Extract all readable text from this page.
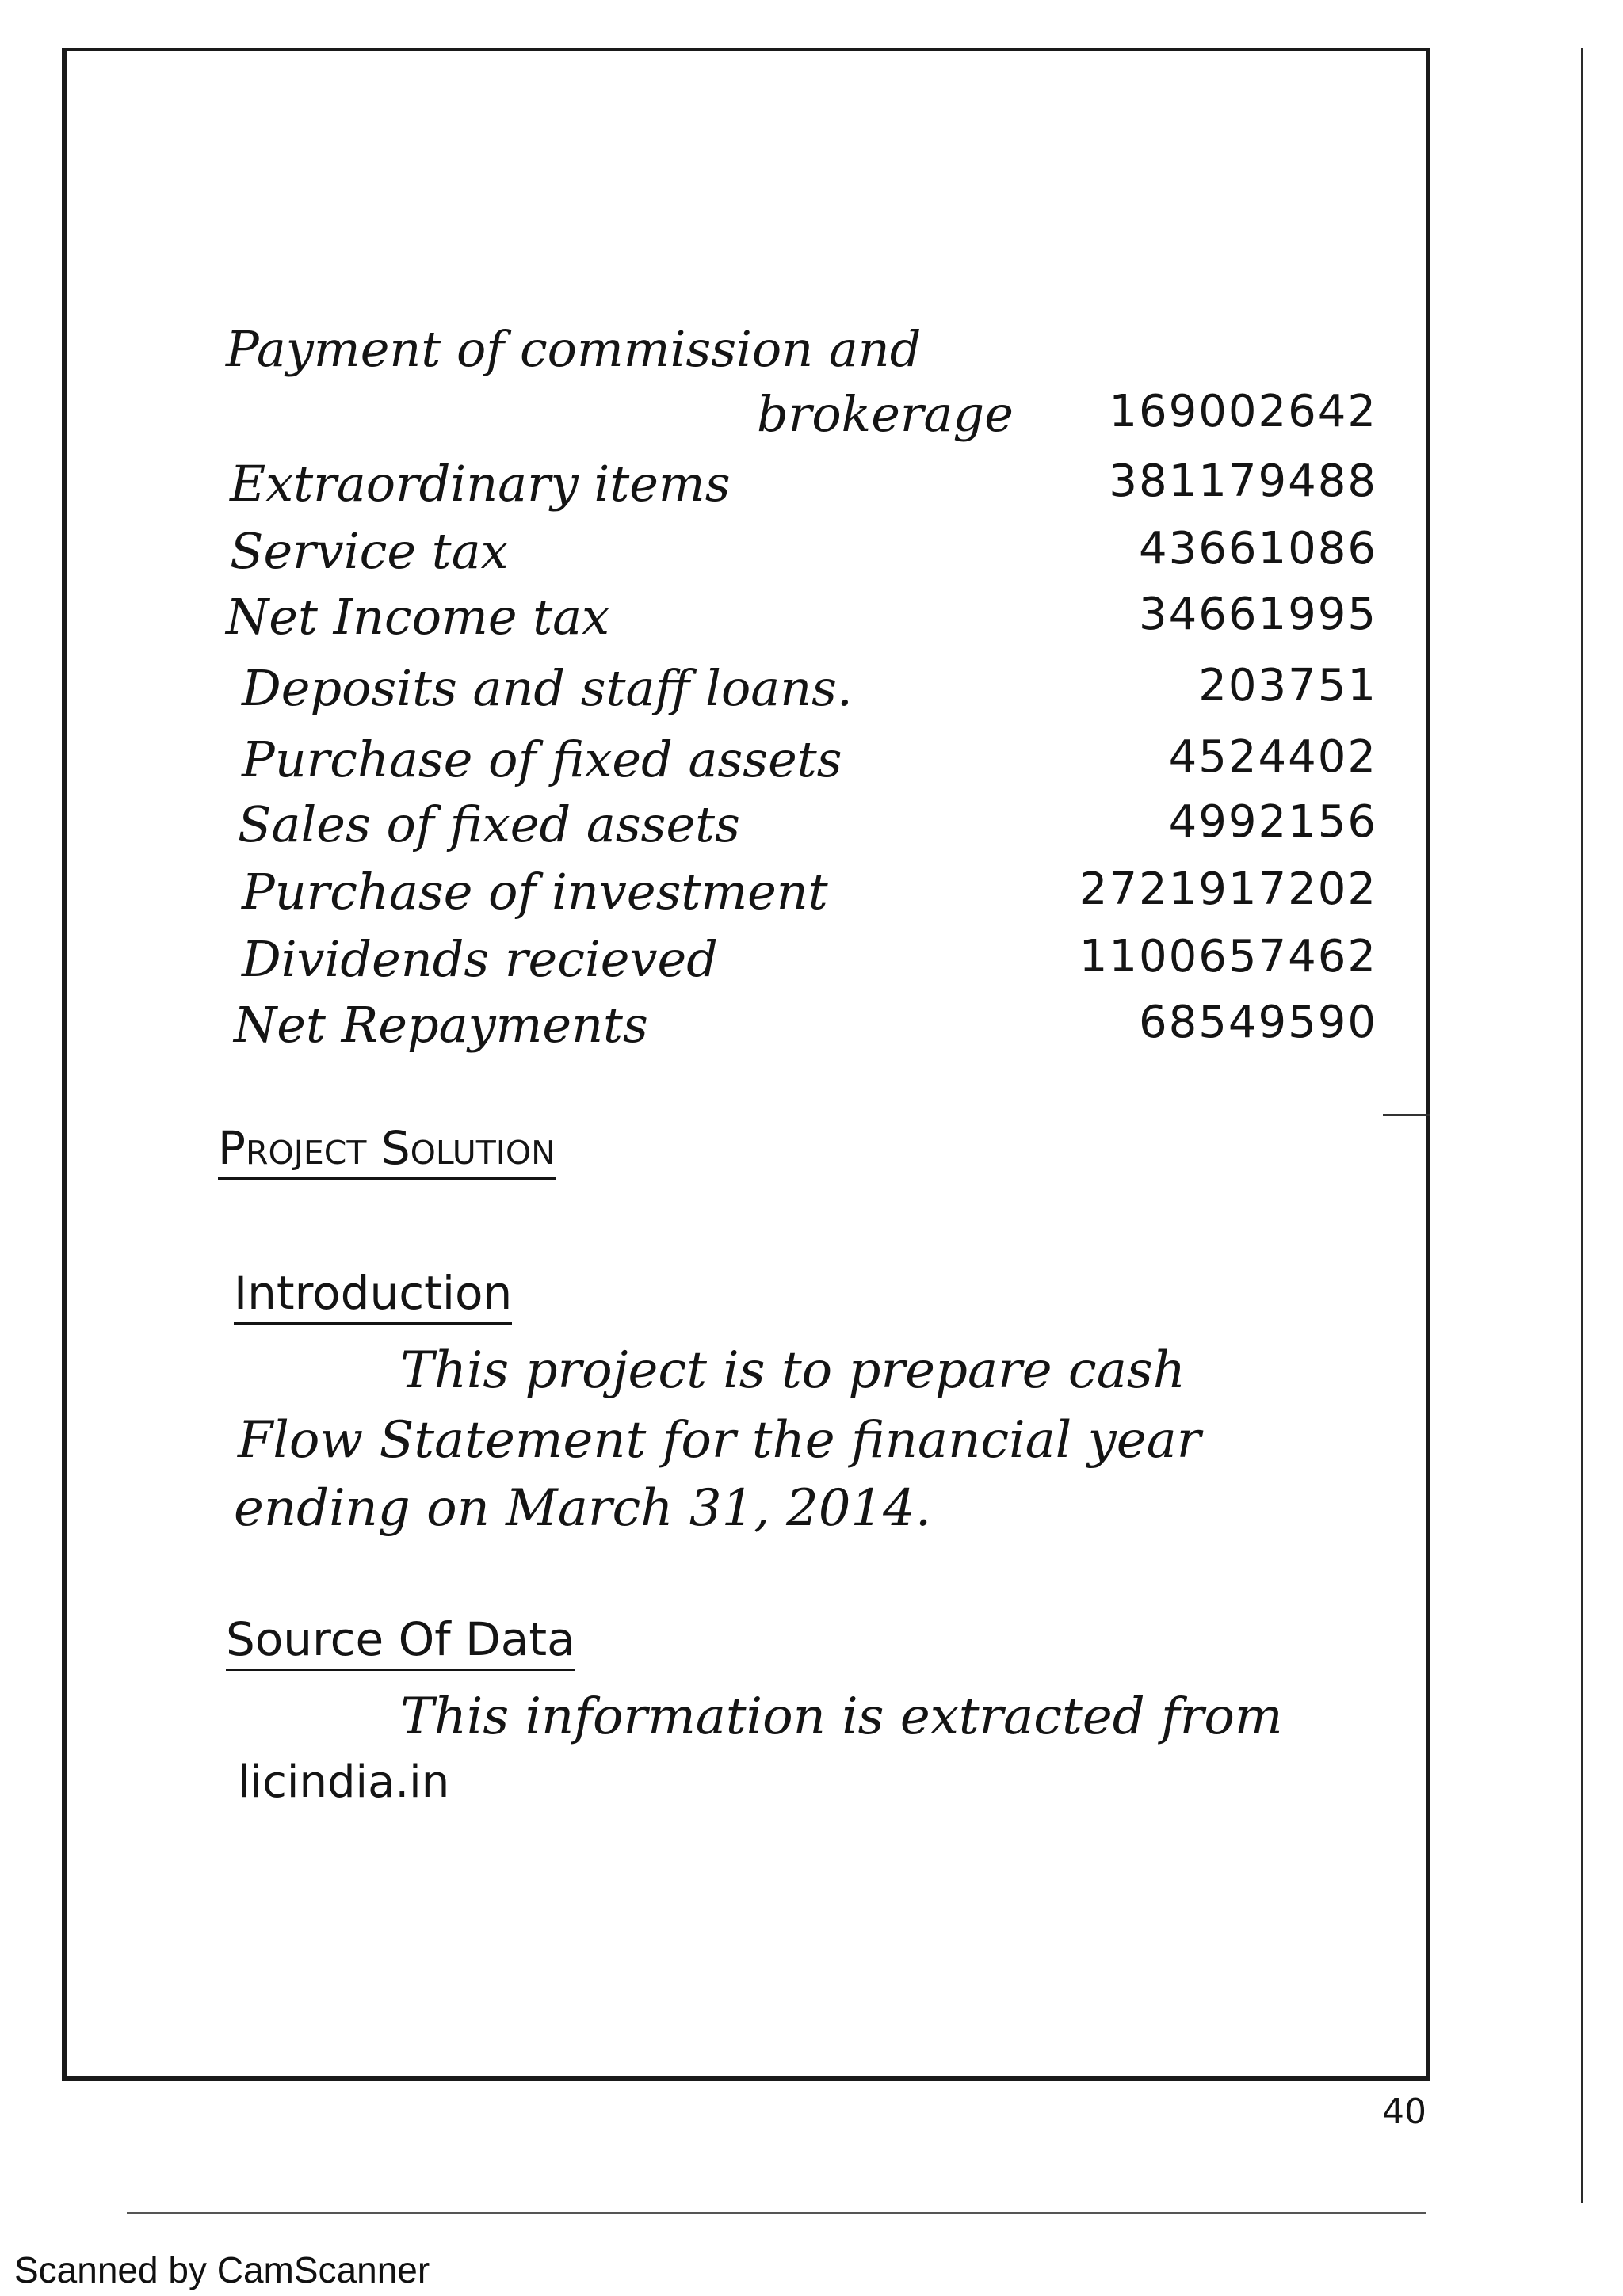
Payment of commission and
brokerage 169002642
Extraordinary items	381179488
Service tax	43661086
Net Income tax	34661995
Deposits and staff loans.	203751
Purchase of fixed assets	4524402
Sales of fixed assets	4992156
Purchase of investment	2721917202
Dividends recieved	1100657462
Net Repayments	68549590
Project Solution
Introduction

This project is to prepare cash

Flow Statement for the financial year

ending on March 31, 2014.

Source Of Data

This information is extracted from

licindia.in

40
Scanned by CamScanner
